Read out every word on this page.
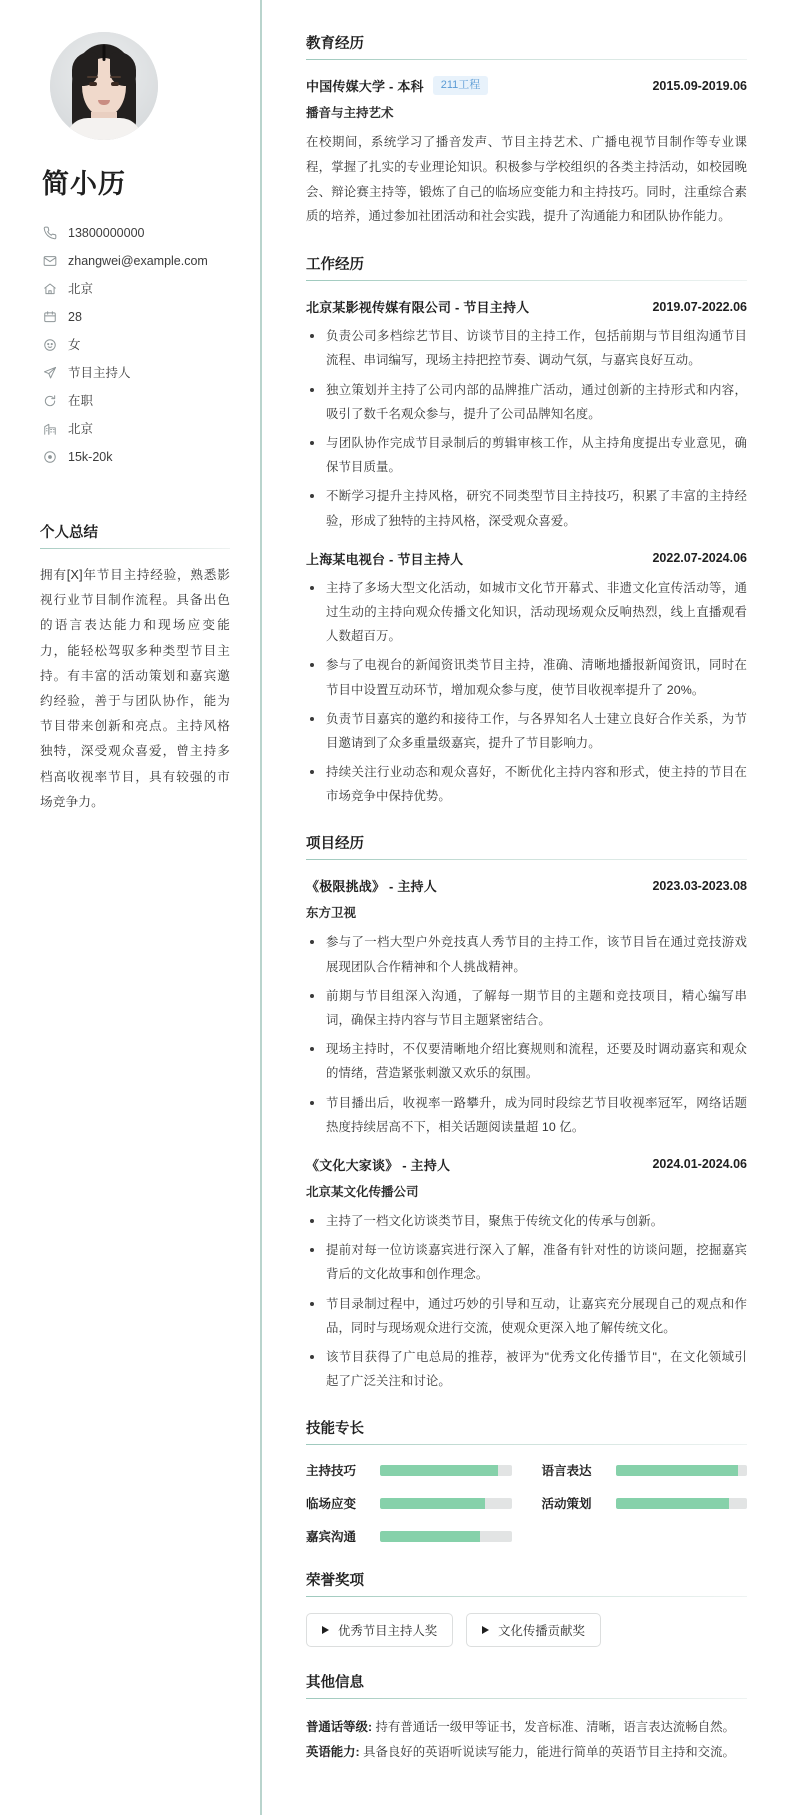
简小历
13800000000
zhangwei@example.com
北京
28
女
节目主持人
在职
北京
15k-20k
个人总结

拥有[X]年节目主持经验，熟悉影视行业节目制作流程。具备出色的语言表达能力和现场应变能力，能轻松驾驭多种类型节目主持。有丰富的活动策划和嘉宾邀约经验，善于与团队协作，能为节目带来创新和亮点。主持风格独特，深受观众喜爱，曾主持多档高收视率节目，具有较强的市场竞争力。

教育经历
中国传媒大学 - 本科	211工程	2015.09-2019.06
播音与主持艺术

在校期间，系统学习了播音发声、节目主持艺术、广播电视节目制作等专业课程，掌握了扎实的专业理论知识。积极参与学校组织的各类主持活动，如校园晚会、辩论赛主持等，锻炼了自己的临场应变能力和主持技巧。同时，注重综合素质的培养，通过参加社团活动和社会实践，提升了沟通能力和团队协作能力。

工作经历
北京某影视传媒有限公司 - 节目主持人	2019.07-2022.06
负责公司多档综艺节目、访谈节目的主持工作，包括前期与节目组沟通节目流程、串词编写，现场主持把控节奏、调动气氛，与嘉宾良好互动。
独立策划并主持了公司内部的品牌推广活动，通过创新的主持形式和内容，吸引了数千名观众参与，提升了公司品牌知名度。
与团队协作完成节目录制后的剪辑审核工作，从主持角度提出专业意见，确保节目质量。
不断学习提升主持风格，研究不同类型节目主持技巧，积累了丰富的主持经验，形成了独特的主持风格，深受观众喜爱。
上海某电视台 - 节目主持人	2022.07-2024.06
主持了多场大型文化活动，如城市文化节开幕式、非遗文化宣传活动等，通过生动的主持向观众传播文化知识，活动现场观众反响热烈，线上直播观看人数超百万。
参与了电视台的新闻资讯类节目主持，准确、清晰地播报新闻资讯，同时在节目中设置互动环节，增加观众参与度，使节目收视率提升了 20%。
负责节目嘉宾的邀约和接待工作，与各界知名人士建立良好合作关系，为节目邀请到了众多重量级嘉宾，提升了节目影响力。
持续关注行业动态和观众喜好，不断优化主持内容和形式，使主持的节目在市场竞争中保持优势。
项目经历
《极限挑战》 - 主持人	2023.03-2023.08
东方卫视
参与了一档大型户外竞技真人秀节目的主持工作，该节目旨在通过竞技游戏展现团队合作精神和个人挑战精神。
前期与节目组深入沟通，了解每一期节目的主题和竞技项目，精心编写串词，确保主持内容与节目主题紧密结合。
现场主持时，不仅要清晰地介绍比赛规则和流程，还要及时调动嘉宾和观众的情绪，营造紧张刺激又欢乐的氛围。
节目播出后，收视率一路攀升，成为同时段综艺节目收视率冠军，网络话题热度持续居高不下，相关话题阅读量超 10 亿。
《文化大家谈》 - 主持人	2024.01-2024.06
北京某文化传播公司
主持了一档文化访谈类节目，聚焦于传统文化的传承与创新。
提前对每一位访谈嘉宾进行深入了解，准备有针对性的访谈问题，挖掘嘉宾背后的文化故事和创作理念。
节目录制过程中，通过巧妙的引导和互动，让嘉宾充分展现自己的观点和作品，同时与现场观众进行交流，使观众更深入地了解传统文化。
该节目获得了广电总局的推荐，被评为"优秀文化传播节目"，在文化领域引起了广泛关注和讨论。
技能专长
主持技巧	语言表达
临场应变	活动策划
嘉宾沟通
荣誉奖项
优秀节目主持人奖	文化传播贡献奖
其他信息
普通话等级: 持有普通话一级甲等证书，发音标准、清晰，语言表达流畅自然。
英语能力: 具备良好的英语听说读写能力，能进行简单的英语节目主持和交流。
